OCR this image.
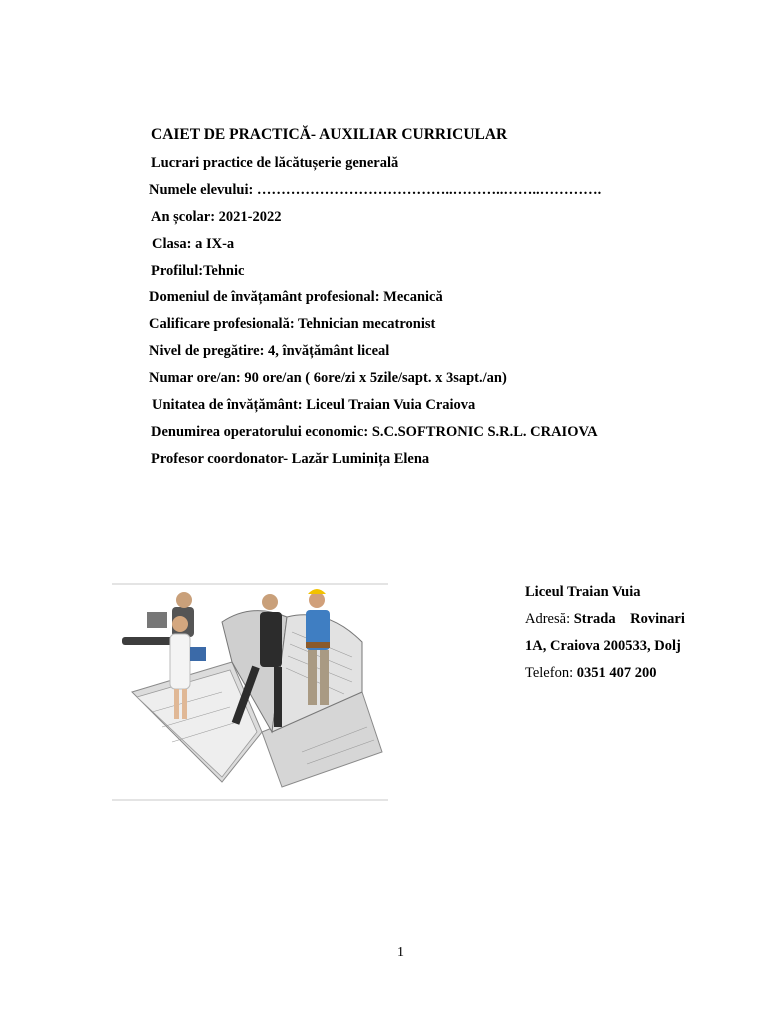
CAIET DE PRACTICĂ- AUXILIAR CURRICULAR
Lucrari practice de lăcătușerie generală
Numele elevului: …………………………………..………..……..………….
An școlar: 2021-2022
Clasa: a IX-a
Profilul:Tehnic
Domeniul de învățamânt profesional: Mecanică
Calificare profesională: Tehnician mecatronist
Nivel de pregătire: 4, învățământ liceal
Numar ore/an: 90 ore/an ( 6ore/zi x 5zile/sapt. x 3sapt./an)
Unitatea de învățământ: Liceul Traian Vuia Craiova
Denumirea operatorului economic: S.C.SOFTRONIC S.R.L. CRAIOVA
Profesor coordonator- Lazăr Luminița Elena
Liceul Traian Vuia
Adresă: Strada    Rovinari
1A, Craiova 200533, Dolj
Telefon: 0351 407 200
1
